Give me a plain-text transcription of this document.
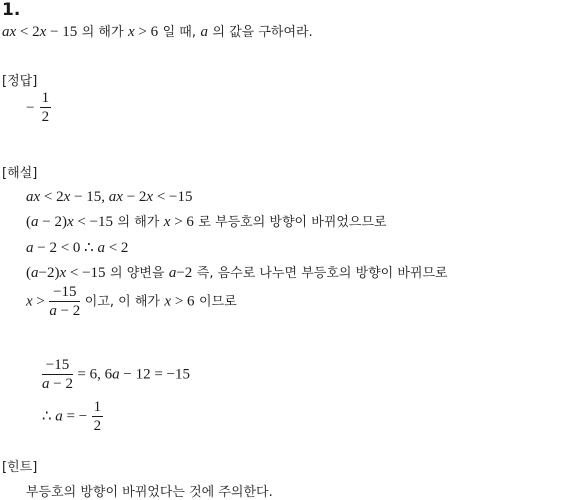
1.
ax < 2x − 15 의 해가 x > 6 일 때, a 의 값을 구하여라.
[정답]
− $\frac{1}{2}$
[해설]
ax < 2x − 15, ax − 2x < −15
(a − 2)x < −15 의 해가 x > 6 로 부등호의 방향이 바뀌었으므로
a − 2 < 0 ∴ a < 2
(a−2)x < −15 의 양변을 a−2 즉, 음수로 나누면 부등호의 방향이 바뀌므로
$x > \frac{-15}{a - 2}$ 이고, 이 해가 x > 6 이므로
$\frac{-15}{a - 2} = 6$, 6a − 12 = −15
∴ a = − $\frac{1}{2}$
[힌트]
부등호의 방향이 바뀌었다는 것에 주의한다.
